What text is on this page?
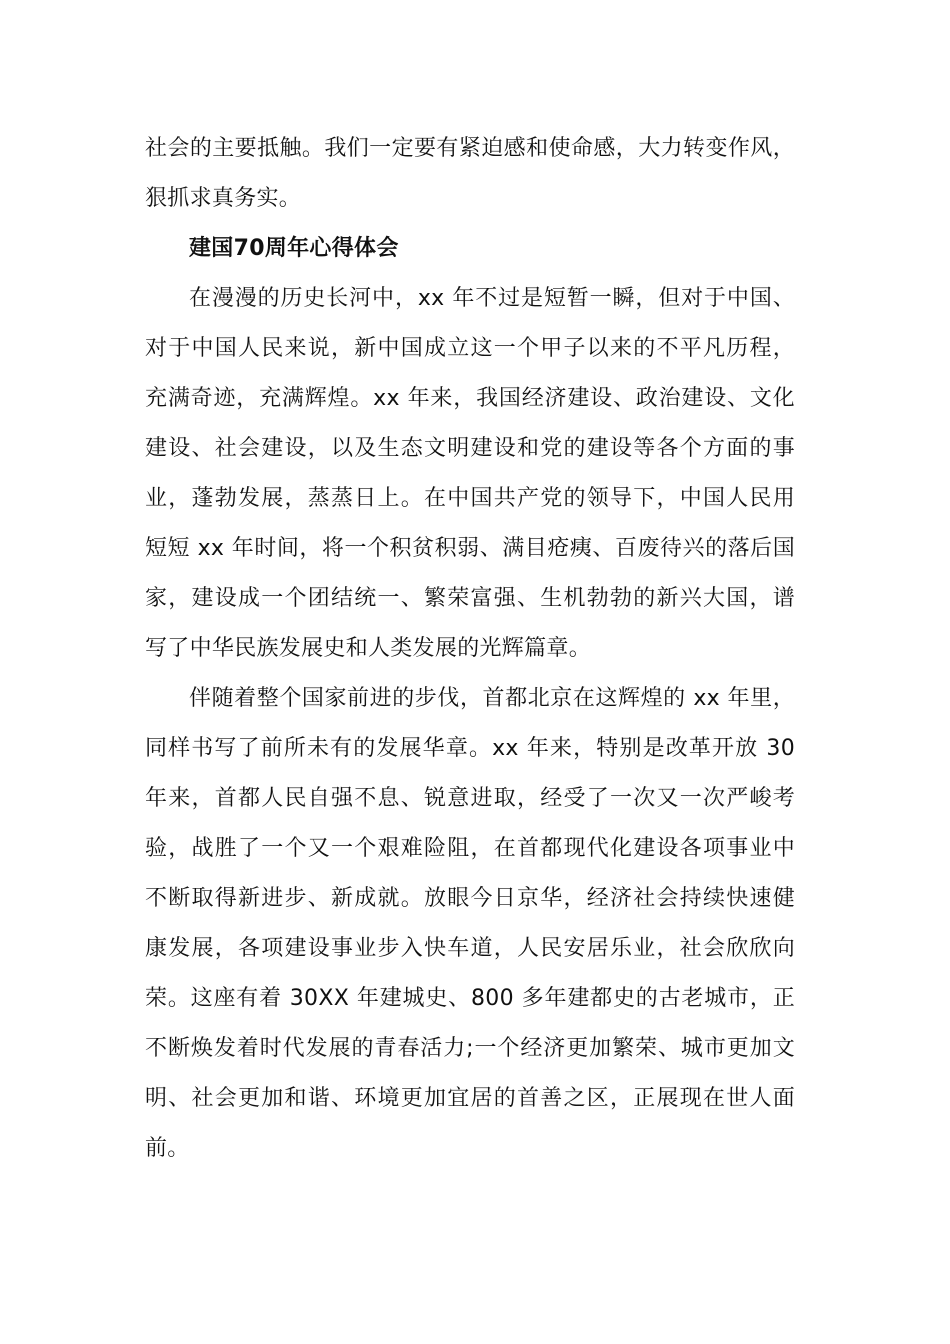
社会的主要抵触。我们一定要有紧迫感和使命感，大力转变作风，
狠抓求真务实。
建国70周年心得体会
在漫漫的历史长河中，xx 年不过是短暂一瞬，但对于中国、
对于中国人民来说，新中国成立这一个甲子以来的不平凡历程，
充满奇迹，充满辉煌。xx 年来，我国经济建设、政治建设、文化
建设、社会建设，以及生态文明建设和党的建设等各个方面的事
业，蓬勃发展，蒸蒸日上。在中国共产党的领导下，中国人民用
短短 xx 年时间，将一个积贫积弱、满目疮痍、百废待兴的落后国
家，建设成一个团结统一、繁荣富强、生机勃勃的新兴大国，谱
写了中华民族发展史和人类发展的光辉篇章。
伴随着整个国家前进的步伐，首都北京在这辉煌的 xx 年里，
同样书写了前所未有的发展华章。xx 年来，特别是改革开放 30
年来，首都人民自强不息、锐意进取，经受了一次又一次严峻考
验，战胜了一个又一个艰难险阻，在首都现代化建设各项事业中
不断取得新进步、新成就。放眼今日京华，经济社会持续快速健
康发展，各项建设事业步入快车道，人民安居乐业，社会欣欣向
荣。这座有着 30XX 年建城史、800 多年建都史的古老城市，正
不断焕发着时代发展的青春活力;一个经济更加繁荣、城市更加文
明、社会更加和谐、环境更加宜居的首善之区，正展现在世人面
前。
